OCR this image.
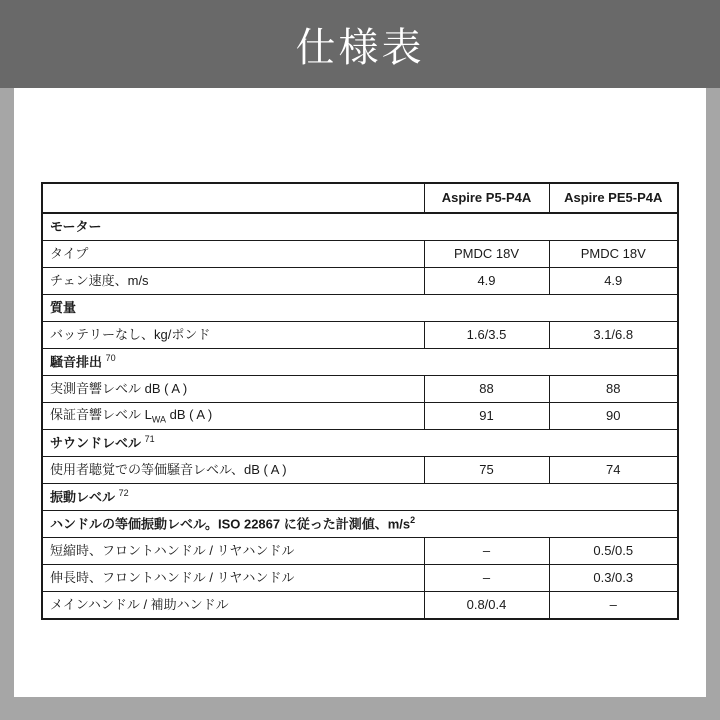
仕様表
	Aspire P5-P4A	Aspire PE5-P4A
モーター		
タイプ	PMDC 18V	PMDC 18V
チェン速度、m/s	4.9	4.9
質量		
バッテリーなし、kg/ポンド	1.6/3.5	3.1/6.8
騒音排出 $^{70}$
実測音響レベル dB ( A )	88	88
保証音響レベル $L_{WA}$ dB ( A )	91	90
サウンドレベル $^{71}$
使用者聴覚での等価騒音レベル、dB ( A )	75	74
振動レベル $^{72}$
ハンドルの等価振動レベル。ISO 22867 に従った計測値、$m/s^2$
短縮時、フロントハンドル / リヤハンドル	–	0.5/0.5
伸長時、フロントハンドル / リヤハンドル	–	0.3/0.3
メインハンドル / 補助ハンドル	0.8/0.4	–
